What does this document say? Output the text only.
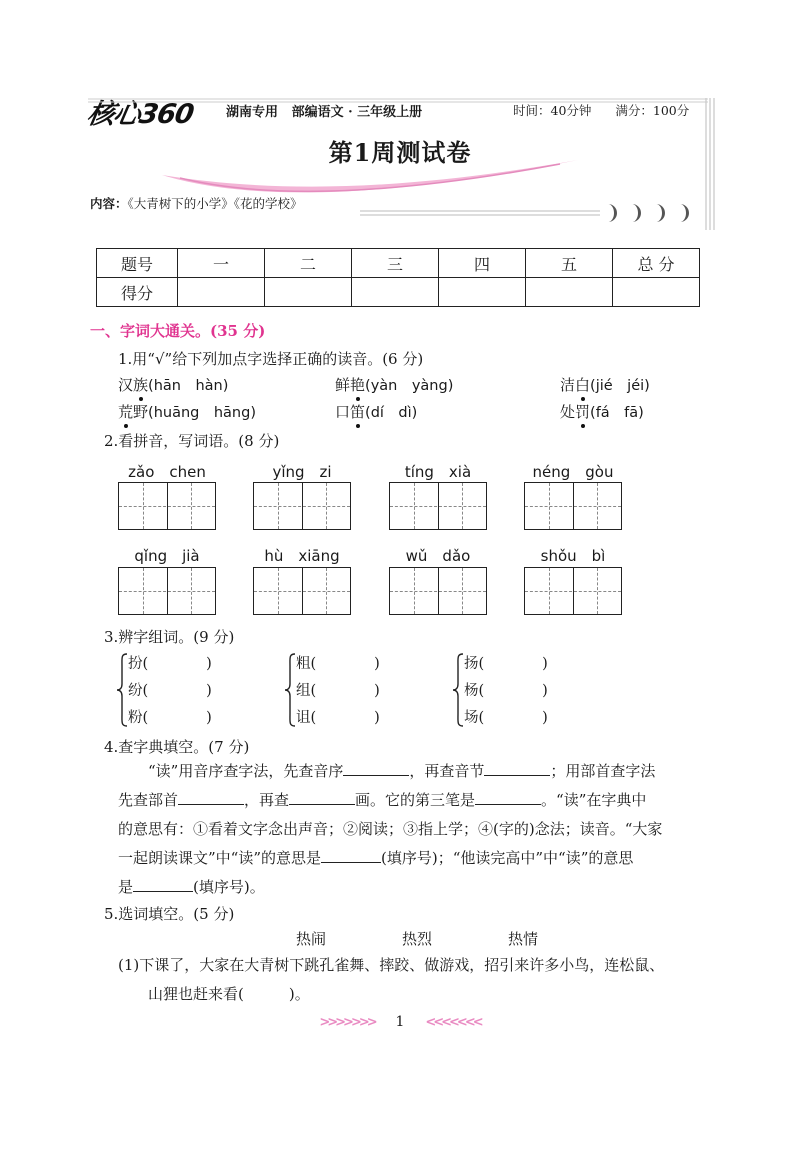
核心360 湖南专用   部编语文 · 三年级上册	时间：40分钟 满分：100分
第1周测试卷
内容：《大青树下的小学》《花的学校》
题号	一	二	三	四	五	总 分
得分						
一、字词大通关。(35 分)
1.用“√”给下列加点字选择正确的读音。(6 分)
汉族(hān　hàn)	鲜艳(yàn　yàng)	洁白(jié　jéi)
荒野(huāng　hāng)	口笛(dí　dì)	处罚(fá　fā)
2.看拼音，写词语。(8 分)
zǎo　chen	yǐng　zi	tíng　xià	néng　gòu
qǐng　jià	hù　xiāng	wǔ　dǎo	shǒu　bì
3.辨字组词。(9 分)
扮(　　　　)
纷(　　　　)
粉(　　　　)
粗(　　　　)
组(　　　　)
诅(　　　　)
扬(　　　　)
杨(　　　　)
场(　　　　)
4.查字典填空。(7 分)
“读”用音序查字法，先查音序	，再查音节	；用部首查字法
先查部首	，再查	画。它的第三笔是	。“读”在字典中
的意思有：①看着文字念出声音；②阅读；③指上学；④(字的)念法；读音。“大家
一起朗读课文”中“读”的意思是	(填序号)；“他读完高中”中“读”的意思
是	(填序号)。
5.选词填空。(5 分)
热闹	热烈	热情
(1)下课了，大家在大青树下跳孔雀舞、摔跤、做游戏，招引来许多小鸟，连松鼠、
山狸也赶来看(　　　)。
>>>>>>> 1 <<<<<<<
